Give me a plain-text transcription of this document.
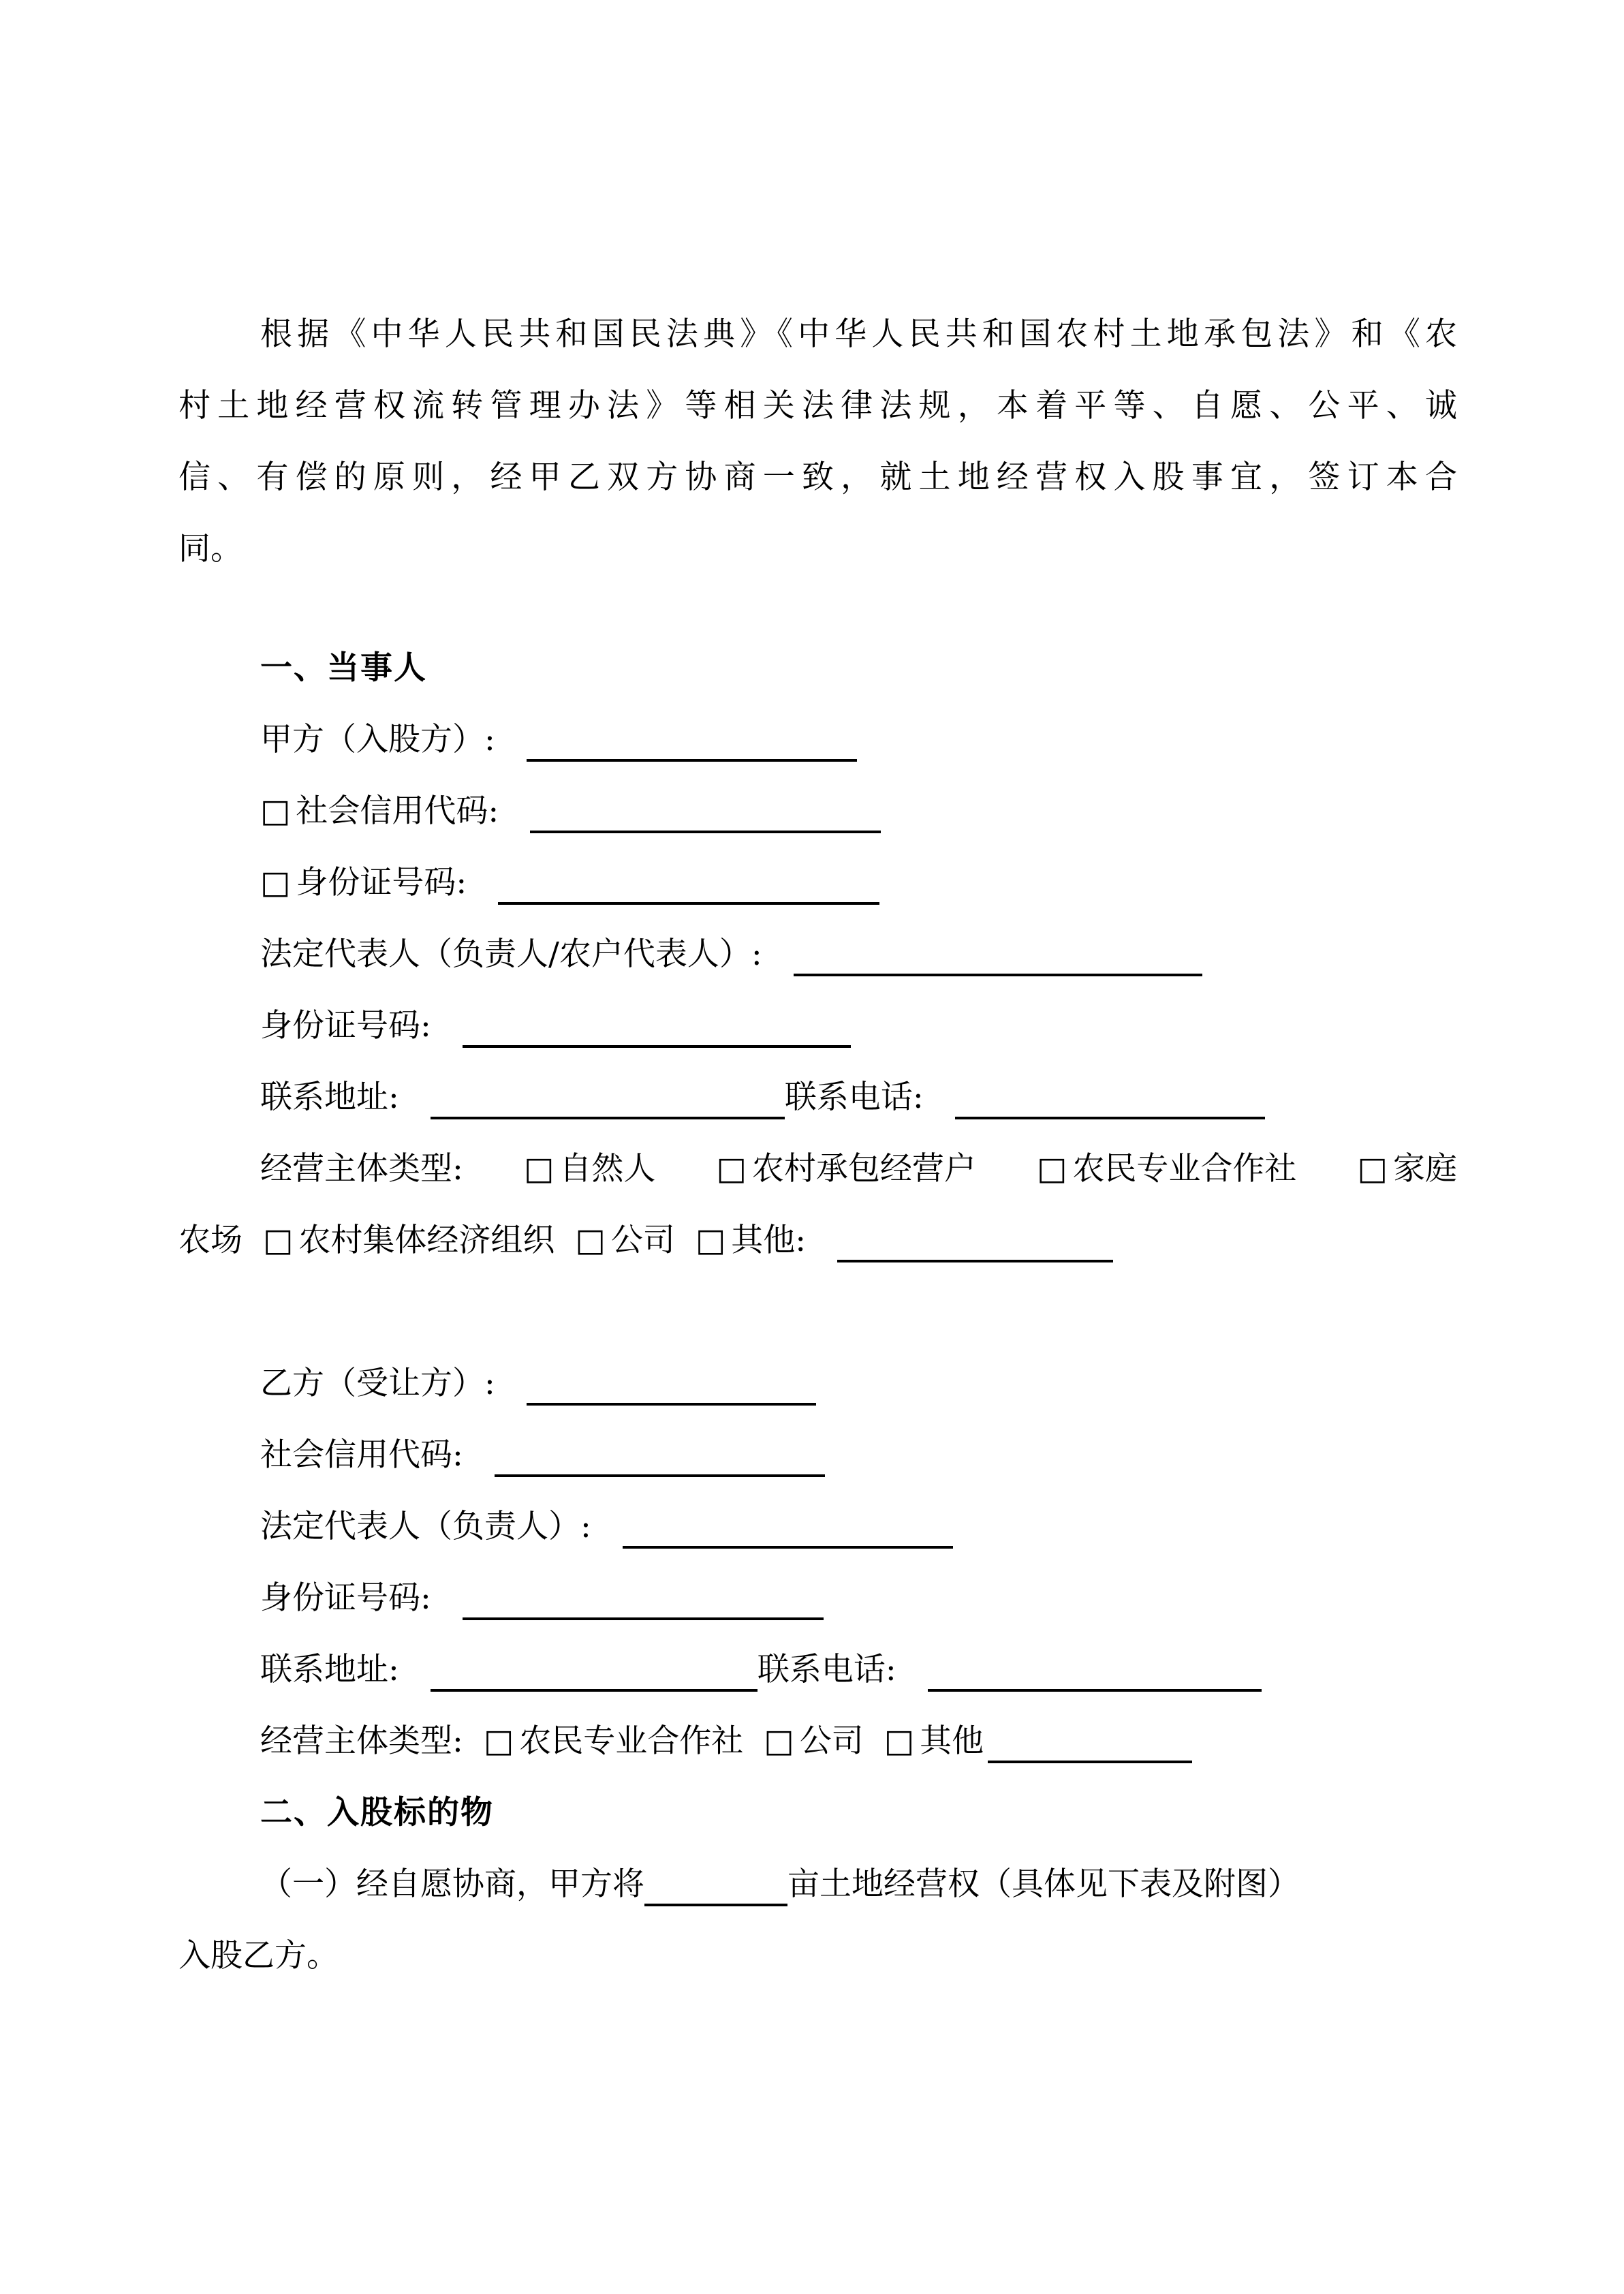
根据《中华人民共和国民法典》《中华人民共和国农村土地承包法》和《农
村土地经营权流转管理办法》等相关法律法规，本着平等、自愿、公平、诚
信、有偿的原则，经甲乙双方协商一致，就土地经营权入股事宜，签订本合
同。
一、当事人
甲方（入股方）:
□ 社会信用代码:
□ 身份证号码:
法定代表人（负责人/农户代表人）:
身份证号码:
联系地址:	联系电话:
经营主体类型: □ 自然人 □ 农村承包经营户 □ 农民专业合作社 □ 家庭
农场 □ 农村集体经济组织 □ 公司 □ 其他:
乙方（受让方）:
社会信用代码:
法定代表人（负责人）:
身份证号码:
联系地址:	联系电话:
经营主体类型: □ 农民专业合作社 □ 公司 □ 其他
二、入股标的物
（一）经自愿协商，甲方将	亩土地经营权（具体见下表及附图）
入股乙方。
